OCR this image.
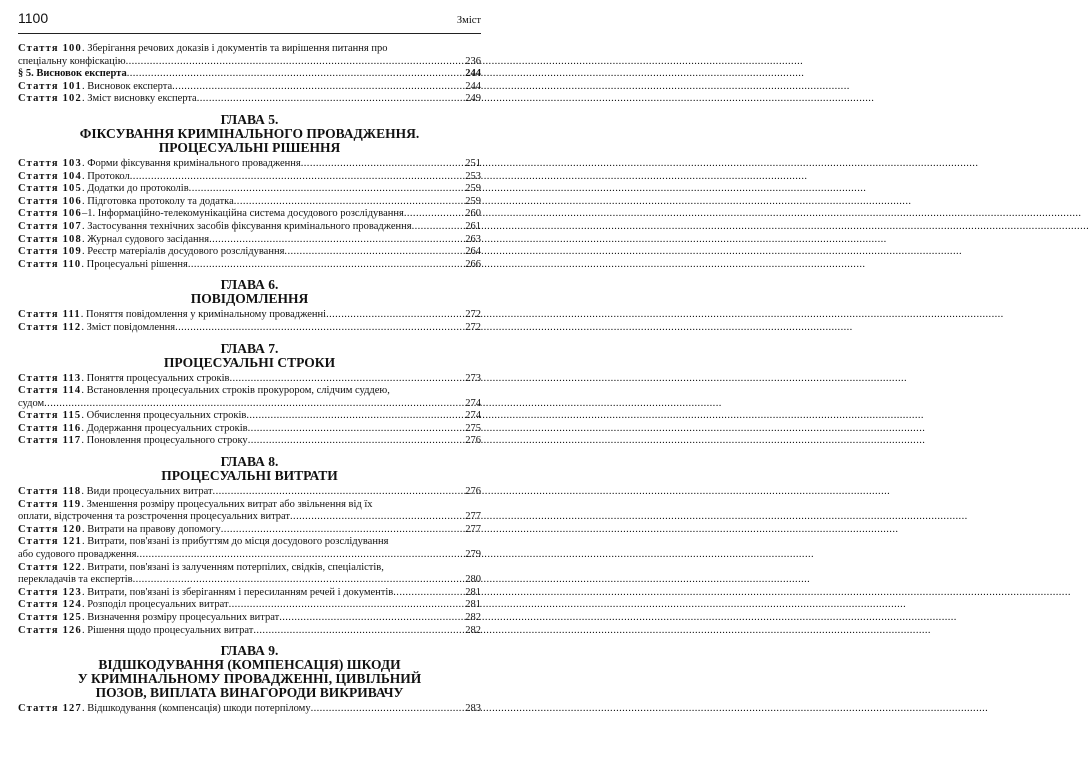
1100	Зміст
Стаття 100. Зберігання речових доказів і документів та вирішення питання про
спеціальну конфіскацію .....	236
§ 5. Висновок експерта .....	244
Стаття 101. Висновок експерта .....	244
Стаття 102. Зміст висновку експерта .....	249
ГЛАВА 5.
ФІКСУВАННЯ КРИМІНАЛЬНОГО ПРОВАДЖЕННЯ.
ПРОЦЕСУАЛЬНІ РІШЕННЯ
Стаття 103. Форми фіксування кримінального провадження .....	251
Стаття 104. Протокол .....	253
Стаття 105. Додатки до протоколів .....	259
Стаття 106. Підготовка протоколу та додатка .....	259
Стаття 106–1. Інформаційно-телекомунікаційна система досудового розслідування .....	260
Стаття 107. Застосування технічних засобів фіксування кримінального провадження .....	261
Стаття 108. Журнал судового засідання .....	263
Стаття 109. Реєстр матеріалів досудового розслідування .....	264
Стаття 110. Процесуальні рішення .....	266
ГЛАВА 6.
ПОВІДОМЛЕННЯ
Стаття 111. Поняття повідомлення у кримінальному провадженні .....	272
Стаття 112. Зміст повідомлення .....	272
ГЛАВА 7.
ПРОЦЕСУАЛЬНІ СТРОКИ
Стаття 113. Поняття процесуальних строків .....	273
Стаття 114. Встановлення процесуальних строків прокурором, слідчим суддею,
судом .....	274
Стаття 115. Обчислення процесуальних строків .....	274
Стаття 116. Додержання процесуальних строків .....	275
Стаття 117. Поновлення процесуального строку .....	276
ГЛАВА 8.
ПРОЦЕСУАЛЬНІ ВИТРАТИ
Стаття 118. Види процесуальних витрат .....	276
Стаття 119. Зменшення розміру процесуальних витрат або звільнення від їх
оплати, відстрочення та розстрочення процесуальних витрат .....	277
Стаття 120. Витрати на правову допомогу .....	277
Стаття 121. Витрати, пов'язані із прибуттям до місця досудового розслідування
або судового провадження .....	279
Стаття 122. Витрати, пов'язані із залученням потерпілих, свідків, спеціалістів,
перекладачів та експертів .....	280
Стаття 123. Витрати, пов'язані із зберіганням і пересиланням речей і документів .....	281
Стаття 124. Розподіл процесуальних витрат .....	281
Стаття 125. Визначення розміру процесуальних витрат .....	282
Стаття 126. Рішення щодо процесуальних витрат .....	282
ГЛАВА 9.
ВІДШКОДУВАННЯ (КОМПЕНСАЦІЯ) ШКОДИ
У КРИМІНАЛЬНОМУ ПРОВАДЖЕННІ, ЦИВІЛЬНИЙ
ПОЗОВ, ВИПЛАТА ВИНАГОРОДИ ВИКРИВАЧУ
Стаття 127. Відшкодування (компенсація) шкоди потерпілому .....	283
